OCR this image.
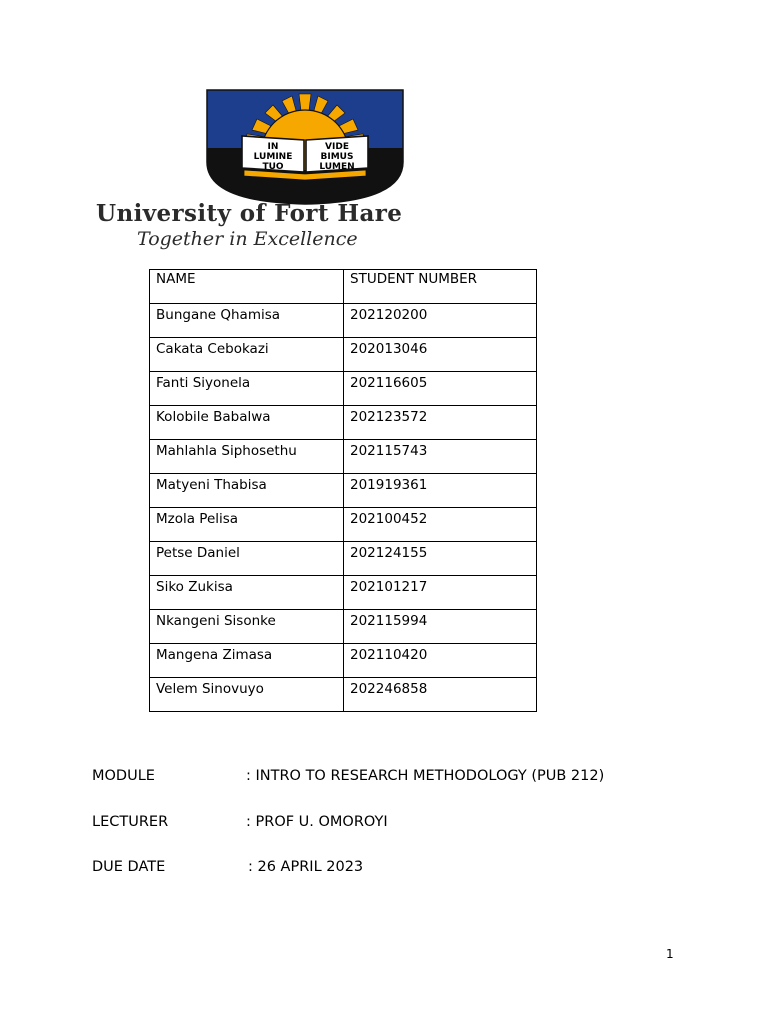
IN
LUMINE
TUO
VIDE
BIMUS
LUMEN
University of Fort Hare

Together in Excellence

NAME	STUDENT NUMBER
Bungane Qhamisa	202120200
Cakata Cebokazi	202013046
Fanti Siyonela	202116605
Kolobile Babalwa	202123572
Mahlahla Siphosethu	202115743
Matyeni Thabisa	201919361
Mzola Pelisa	202100452
Petse Daniel	202124155
Siko Zukisa	202101217
Nkangeni Sisonke	202115994
Mangena Zimasa	202110420
Velem Sinovuyo	202246858
MODULE	: INTRO TO RESEARCH METHODOLOGY (PUB 212)
LECTURER	: PROF U. OMOROYI
DUE DATE	: 26 APRIL 2023
1
